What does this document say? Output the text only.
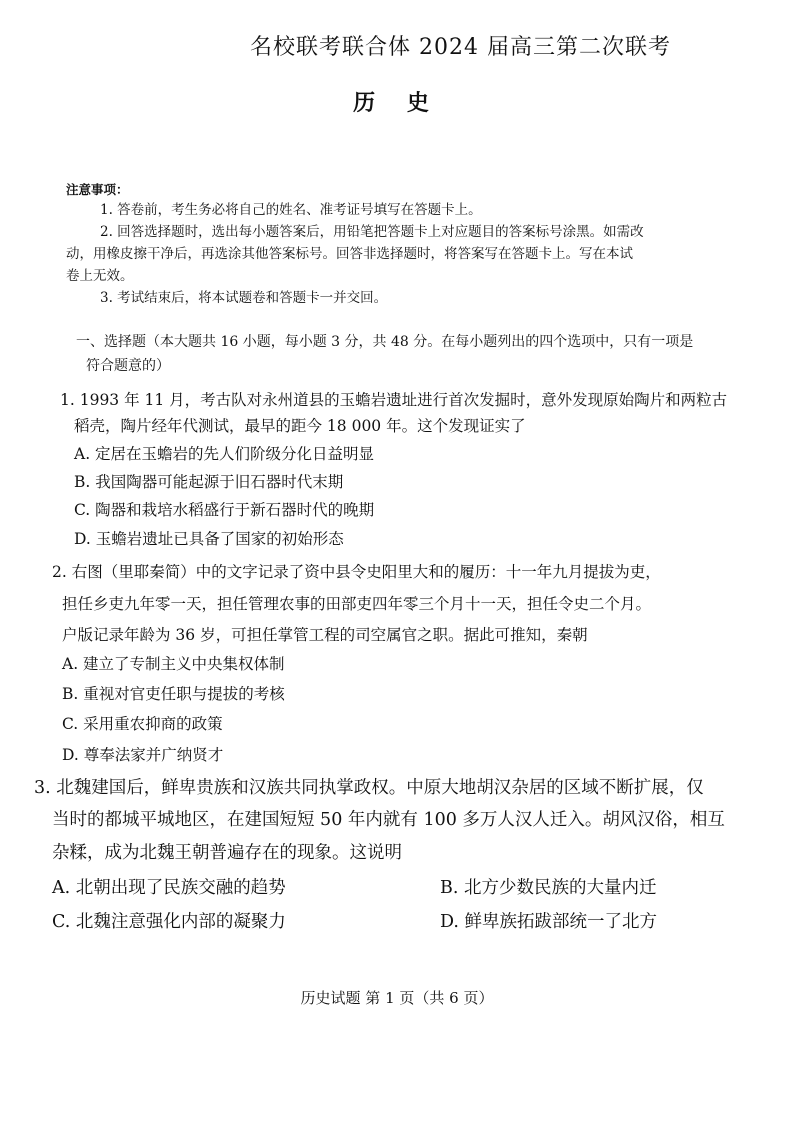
名校联考联合体 2024 届高三第二次联考
历 史
注意事项：
1. 答卷前，考生务必将自己的姓名、准考证号填写在答题卡上。
2. 回答选择题时，选出每小题答案后，用铅笔把答题卡上对应题目的答案标号涂黑。如需改
动，用橡皮擦干净后，再选涂其他答案标号。回答非选择题时，将答案写在答题卡上。写在本试
卷上无效。
3. 考试结束后，将本试题卷和答题卡一并交回。
一、选择题（本大题共 16 小题，每小题 3 分，共 48 分。在每小题列出的四个选项中，只有一项是
符合题意的）
1. 1993 年 11 月，考古队对永州道县的玉蟾岩遗址进行首次发掘时，意外发现原始陶片和两粒古
稻壳，陶片经年代测试，最早的距今 18 000 年。这个发现证实了
A. 定居在玉蟾岩的先人们阶级分化日益明显
B. 我国陶器可能起源于旧石器时代末期
C. 陶器和栽培水稻盛行于新石器时代的晚期
D. 玉蟾岩遗址已具备了国家的初始形态
2. 右图（里耶秦简）中的文字记录了资中县令史阳里大和的履历：十一年九月提拔为吏，
担任乡吏九年零一天，担任管理农事的田部吏四年零三个月十一天，担任令史二个月。
户版记录年龄为 36 岁，可担任掌管工程的司空属官之职。据此可推知，秦朝
A. 建立了专制主义中央集权体制
B. 重视对官吏任职与提拔的考核
C. 采用重农抑商的政策
D. 尊奉法家并广纳贤才
3. 北魏建国后，鲜卑贵族和汉族共同执掌政权。中原大地胡汉杂居的区域不断扩展，仅
当时的都城平城地区，在建国短短 50 年内就有 100 多万人汉人迁入。胡风汉俗，相互
杂糅，成为北魏王朝普遍存在的现象。这说明
A. 北朝出现了民族交融的趋势	B. 北方少数民族的大量内迁
C. 北魏注意强化内部的凝聚力	D. 鲜卑族拓跋部统一了北方
历史试题 第 1 页（共 6 页）
